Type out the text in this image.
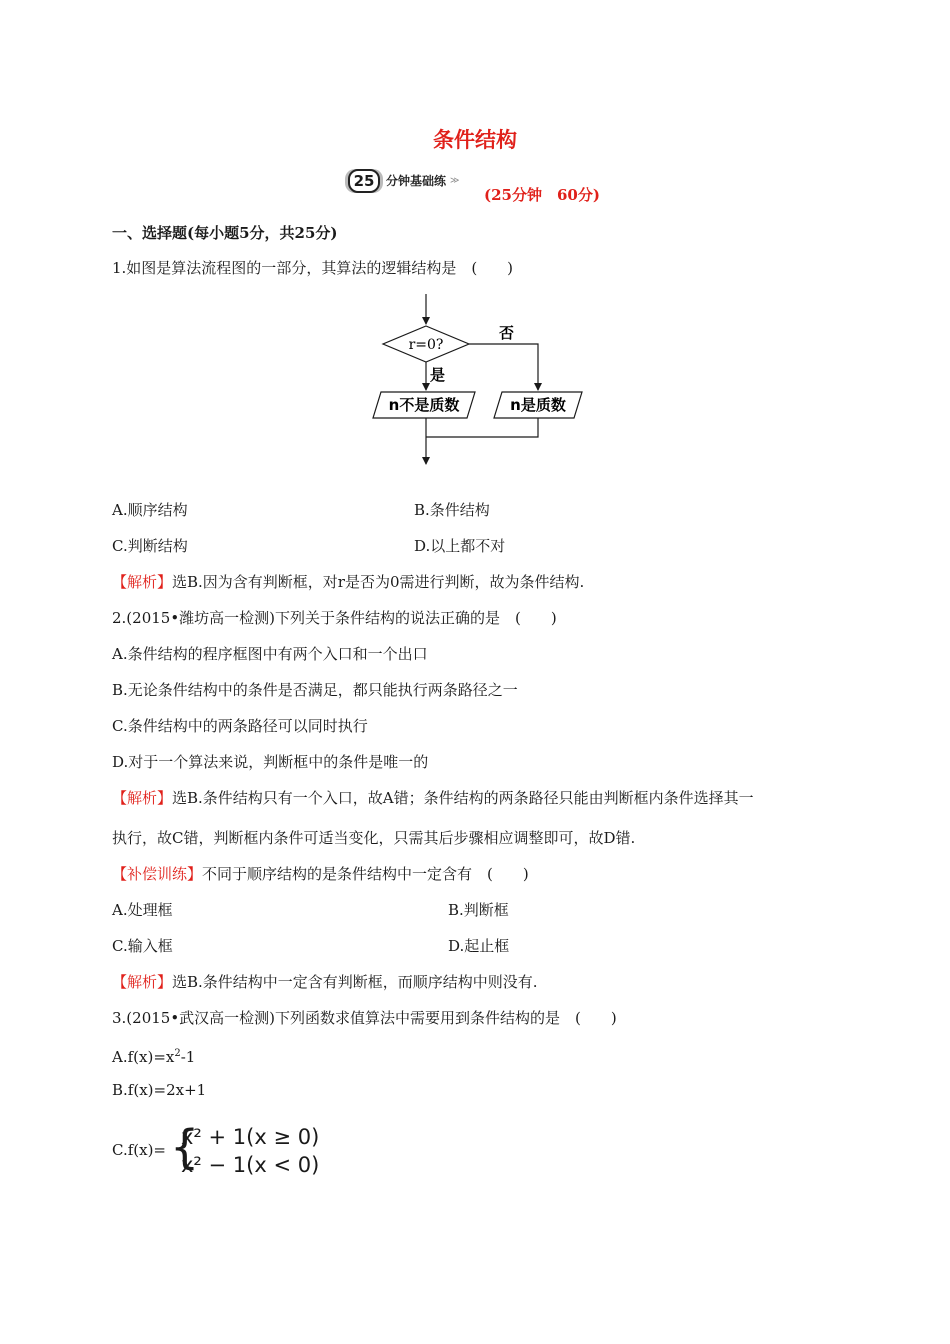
条件结构
25 分钟基础练 ≫
(25分钟　60分)
一、选择题(每小题5分，共25分)
1.如图是算法流程图的一部分，其算法的逻辑结构是　(　　)
r=0?
是
否
n不是质数	n是质数
A.顺序结构	B.条件结构
C.判断结构	D.以上都不对
【解析】选B.因为含有判断框，对r是否为0需进行判断，故为条件结构.
2.(2015•潍坊高一检测)下列关于条件结构的说法正确的是　(　　)
A.条件结构的程序框图中有两个入口和一个出口
B.无论条件结构中的条件是否满足，都只能执行两条路径之一
C.条件结构中的两条路径可以同时执行
D.对于一个算法来说，判断框中的条件是唯一的
【解析】选B.条件结构只有一个入口，故A错；条件结构的两条路径只能由判断框内条件选择其一
执行，故C错，判断框内条件可适当变化，只需其后步骤相应调整即可，故D错.
【补偿训练】不同于顺序结构的是条件结构中一定含有　(　　)
A.处理框	B.判断框
C.输入框	D.起止框
【解析】选B.条件结构中一定含有判断框，而顺序结构中则没有.
3.(2015•武汉高一检测)下列函数求值算法中需要用到条件结构的是　(　　)
$A.f(x)=x^2-1$
B.f(x)=2x+1
C.f(x)= {
x² + 1(x ≥ 0)
x² − 1(x < 0)
